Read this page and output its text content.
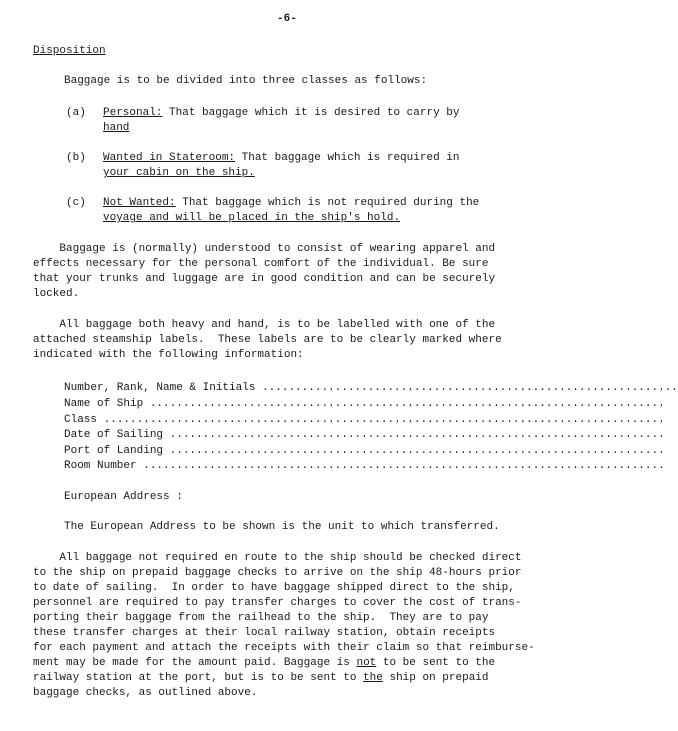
-6-
Disposition
Baggage is to be divided into three classes as follows:
(a) Personal: That baggage which it is desired to carry by
hand
(b) Wanted in Stateroom: That baggage which is required in
your cabin on the ship.
(c) Not Wanted: That baggage which is not required during the
voyage and will be placed in the ship's hold.
Baggage is (normally) understood to consist of wearing apparel and
effects necessary for the personal comfort of the individual. Be sure
that your trunks and luggage are in good condition and can be securely
locked.
All baggage both heavy and hand, is to be labelled with one of the
attached steamship labels.  These labels are to be clearly marked where
indicated with the following information:
Number, Rank, Name & Initials ...............................................................
Name of Ship ..............................................................................
Class .....................................................................................
Date of Sailing ...........................................................................
Port of Landing ...........................................................................
Room Number ...............................................................................
European Address :
The European Address to be shown is the unit to which transferred.
All baggage not required en route to the ship should be checked direct
to the ship on prepaid baggage checks to arrive on the ship 48-hours prior
to date of sailing.  In order to have baggage shipped direct to the ship,
personnel are required to pay transfer charges to cover the cost of trans-
porting their baggage from the railhead to the ship.  They are to pay
these transfer charges at their local railway station, obtain receipts
for each payment and attach the receipts with their claim so that reimburse-
ment may be made for the amount paid. Baggage is not to be sent to the
railway station at the port, but is to be sent to the ship on prepaid
baggage checks, as outlined above.
